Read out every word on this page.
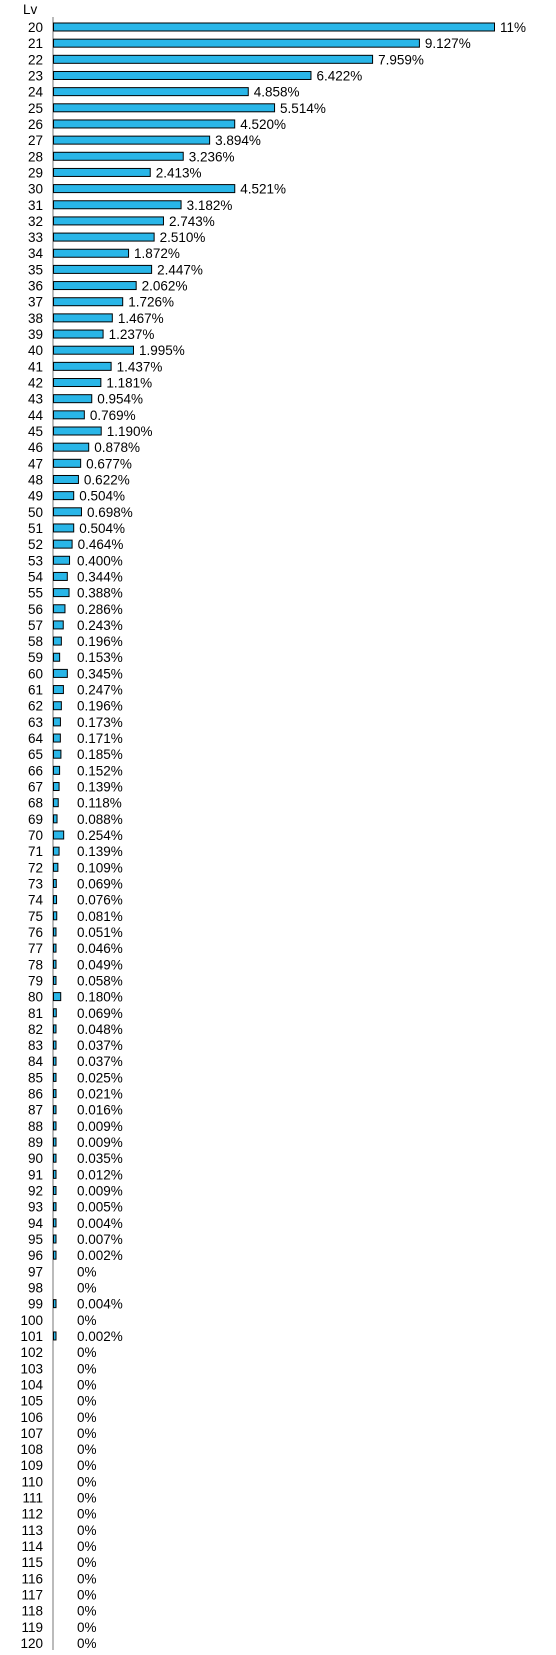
Lv
20	11%
21	9.127%
22	7.959%
23	6.422%
24	4.858%
25	5.514%
26	4.520%
27	3.894%
28	3.236%
29	2.413%
30	4.521%
31	3.182%
32	2.743%
33	2.510%
34	1.872%
35	2.447%
36	2.062%
37	1.726%
38	1.467%
39	1.237%
40	1.995%
41	1.437%
42	1.181%
43	0.954%
44	0.769%
45	1.190%
46	0.878%
47	0.677%
48	0.622%
49	0.504%
50	0.698%
51	0.504%
52	0.464%
53	0.400%
54	0.344%
55	0.388%
56	0.286%
57	0.243%
58	0.196%
59	0.153%
60	0.345%
61	0.247%
62	0.196%
63	0.173%
64	0.171%
65	0.185%
66	0.152%
67	0.139%
68	0.118%
69	0.088%
70	0.254%
71	0.139%
72	0.109%
73	0.069%
74	0.076%
75	0.081%
76	0.051%
77	0.046%
78	0.049%
79	0.058%
80	0.180%
81	0.069%
82	0.048%
83	0.037%
84	0.037%
85	0.025%
86	0.021%
87	0.016%
88	0.009%
89	0.009%
90	0.035%
91	0.012%
92	0.009%
93	0.005%
94	0.004%
95	0.007%
96	0.002%
97	0%
98	0%
99	0.004%
100	0%
101	0.002%
102	0%
103	0%
104	0%
105	0%
106	0%
107	0%
108	0%
109	0%
110	0%
111	0%
112	0%
113	0%
114	0%
115	0%
116	0%
117	0%
118	0%
119	0%
120	0%
